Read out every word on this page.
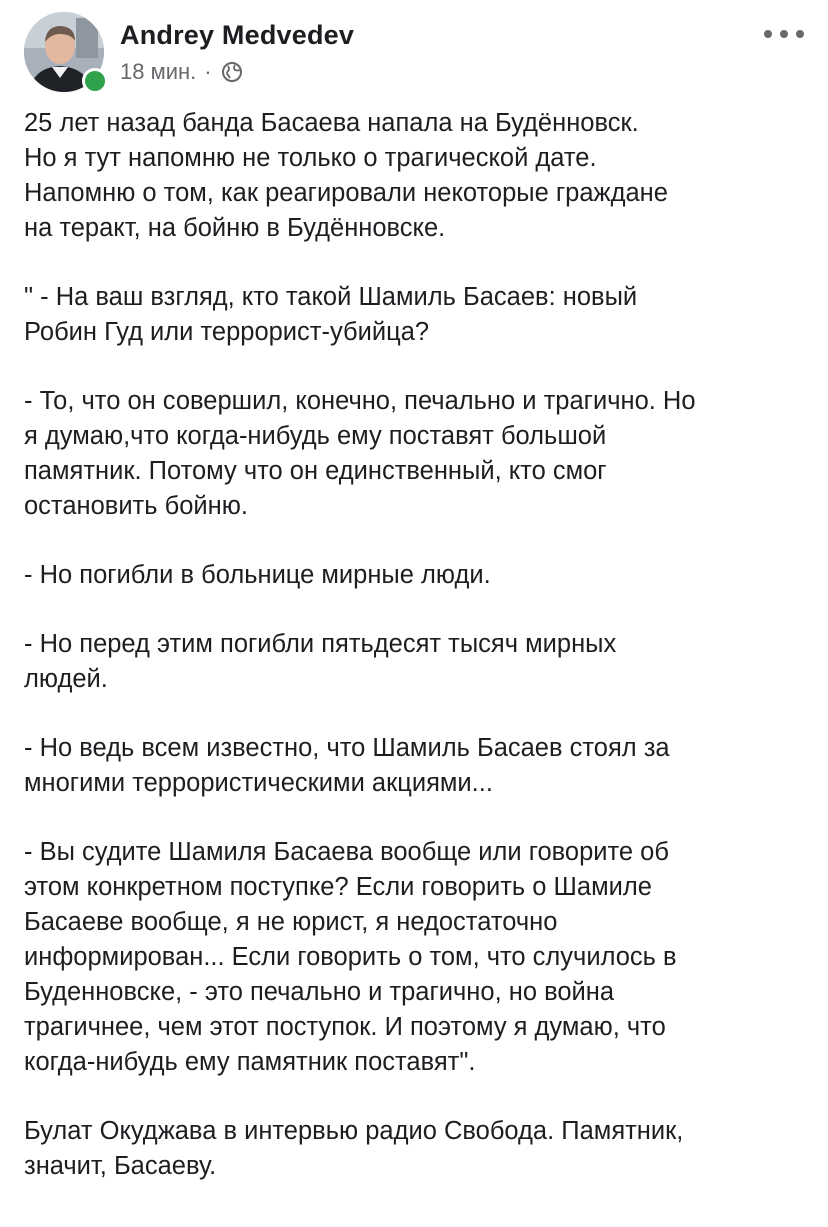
Andrey Medvedev
18 мин. ·

25 лет назад банда Басаева напала на Будённовск.
Но я тут напомню не только о трагической дате.
Напомню о том, как реагировали некоторые граждане
на теракт, на бойню в Будённовске.

" - На ваш взгляд, кто такой Шамиль Басаев: новый
Робин Гуд или террорист-убийца?

- То, что он совершил, конечно, печально и трагично. Но
я думаю,что когда-нибудь ему поставят большой
памятник. Потому что он единственный, кто смог
остановить бойню.

- Но погибли в больнице мирные люди.

- Но перед этим погибли пятьдесят тысяч мирных
людей.

- Но ведь всем известно, что Шамиль Басаев стоял за
многими террористическими акциями...

- Вы судите Шамиля Басаева вообще или говорите об
этом конкретном поступке? Если говорить о Шамиле
Басаеве вообще, я не юрист, я недостаточно
информирован... Если говорить о том, что случилось в
Буденновске, - это печально и трагично, но война
трагичнее, чем этот поступок. И поэтому я думаю, что
когда-нибудь ему памятник поставят".

Булат Окуджава в интервью радио Свобода. Памятник,
значит, Басаеву.
